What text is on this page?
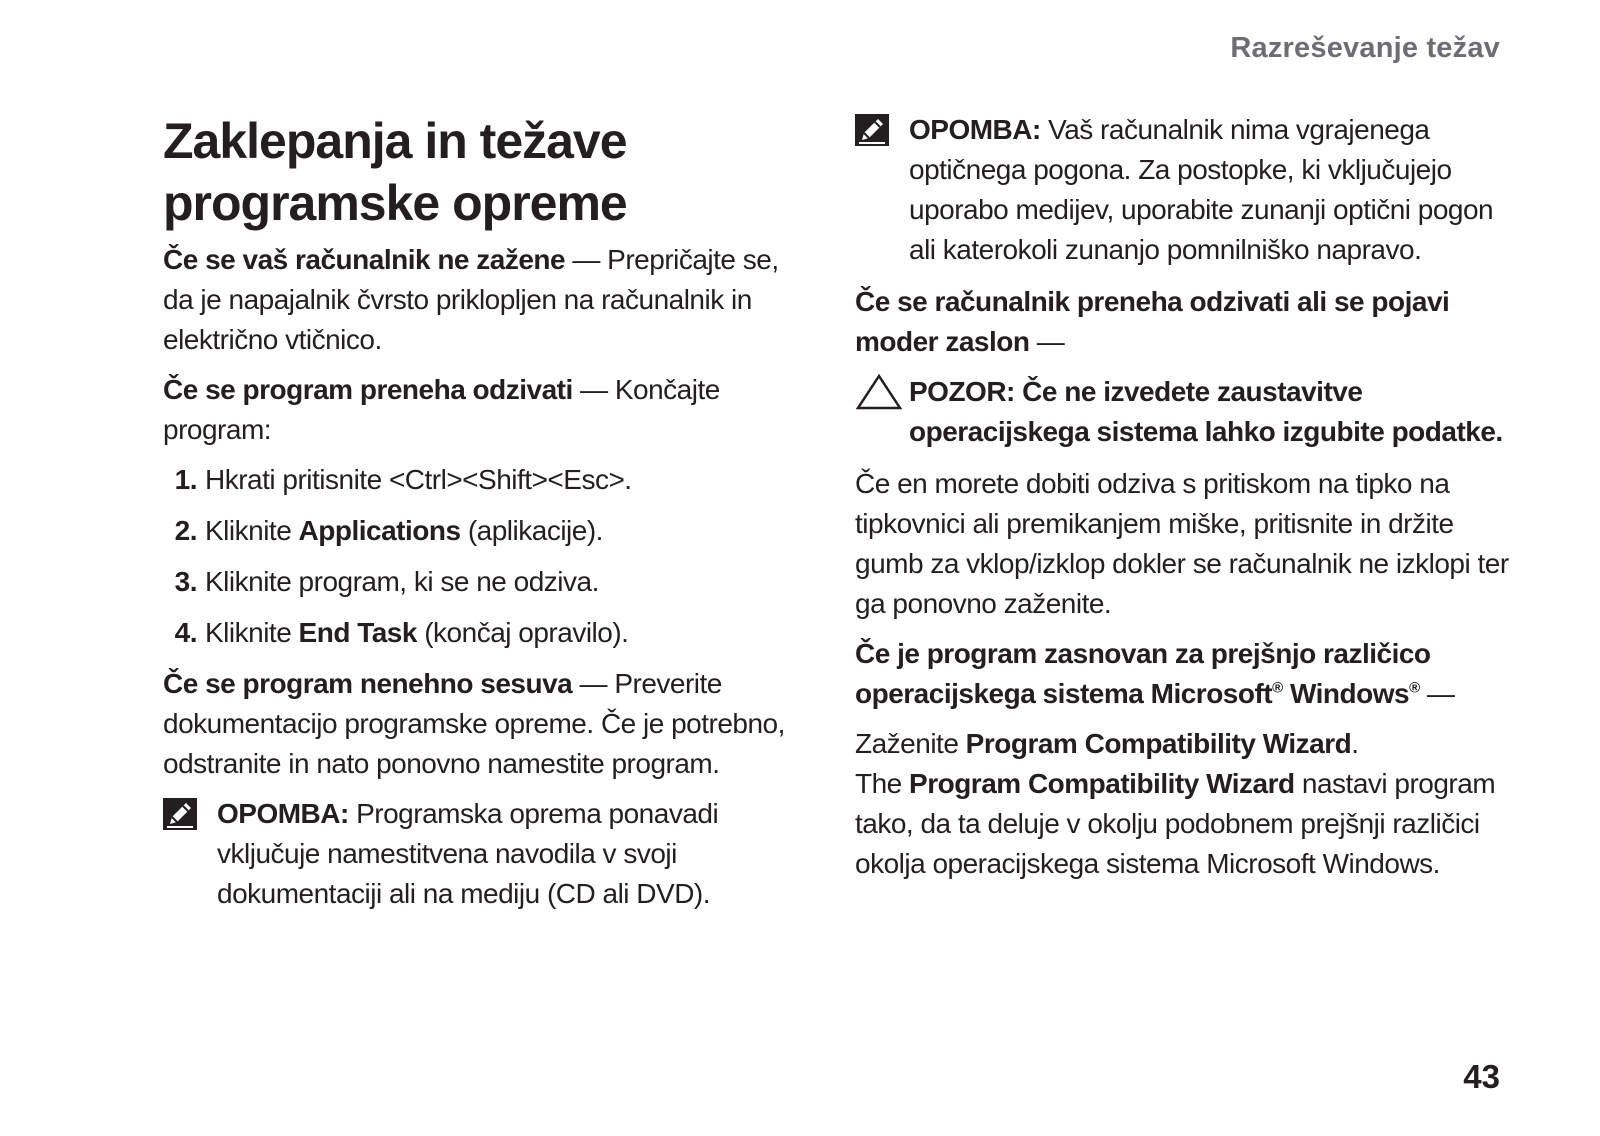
Razreševanje težav
Zaklepanja in težave
programske opreme

Če se vaš računalnik ne zažene — Prepričajte se, da je napajalnik čvrsto priklopljen na računalnik in električno vtičnico.

Če se program preneha odzivati — Končajte program:

1. Hkrati pritisnite <Ctrl><Shift><Esc>.
2. Kliknite Applications (aplikacije).
3. Kliknite program, ki se ne odziva.
4. Kliknite End Task (končaj opravilo).

Če se program nenehno sesuva — Preverite dokumentacijo programske opreme. Če je potrebno, odstranite in nato ponovno namestite program.

OPOMBA: Programska oprema ponavadi vključuje namestitvena navodila v svoji dokumentaciji ali na mediju (CD ali DVD).
OPOMBA: Vaš računalnik nima vgrajenega optičnega pogona. Za postopke, ki vključujejo uporabo medijev, uporabite zunanji optični pogon ali katerokoli zunanjo pomnilniško napravo.

Če se računalnik preneha odzivati ali se pojavi moder zaslon —

POZOR: Če ne izvedete zaustavitve operacijskega sistema lahko izgubite podatke.

Če en morete dobiti odziva s pritiskom na tipko na tipkovnici ali premikanjem miške, pritisnite in držite gumb za vklop/izklop dokler se računalnik ne izklopi ter ga ponovno zaženite.

Če je program zasnovan za prejšnjo različico operacijskega sistema Microsoft® Windows® —

Zaženite Program Compatibility Wizard.
The Program Compatibility Wizard nastavi program tako, da ta deluje v okolju podobnem prejšnji različici okolja operacijskega sistema Microsoft Windows.

43
